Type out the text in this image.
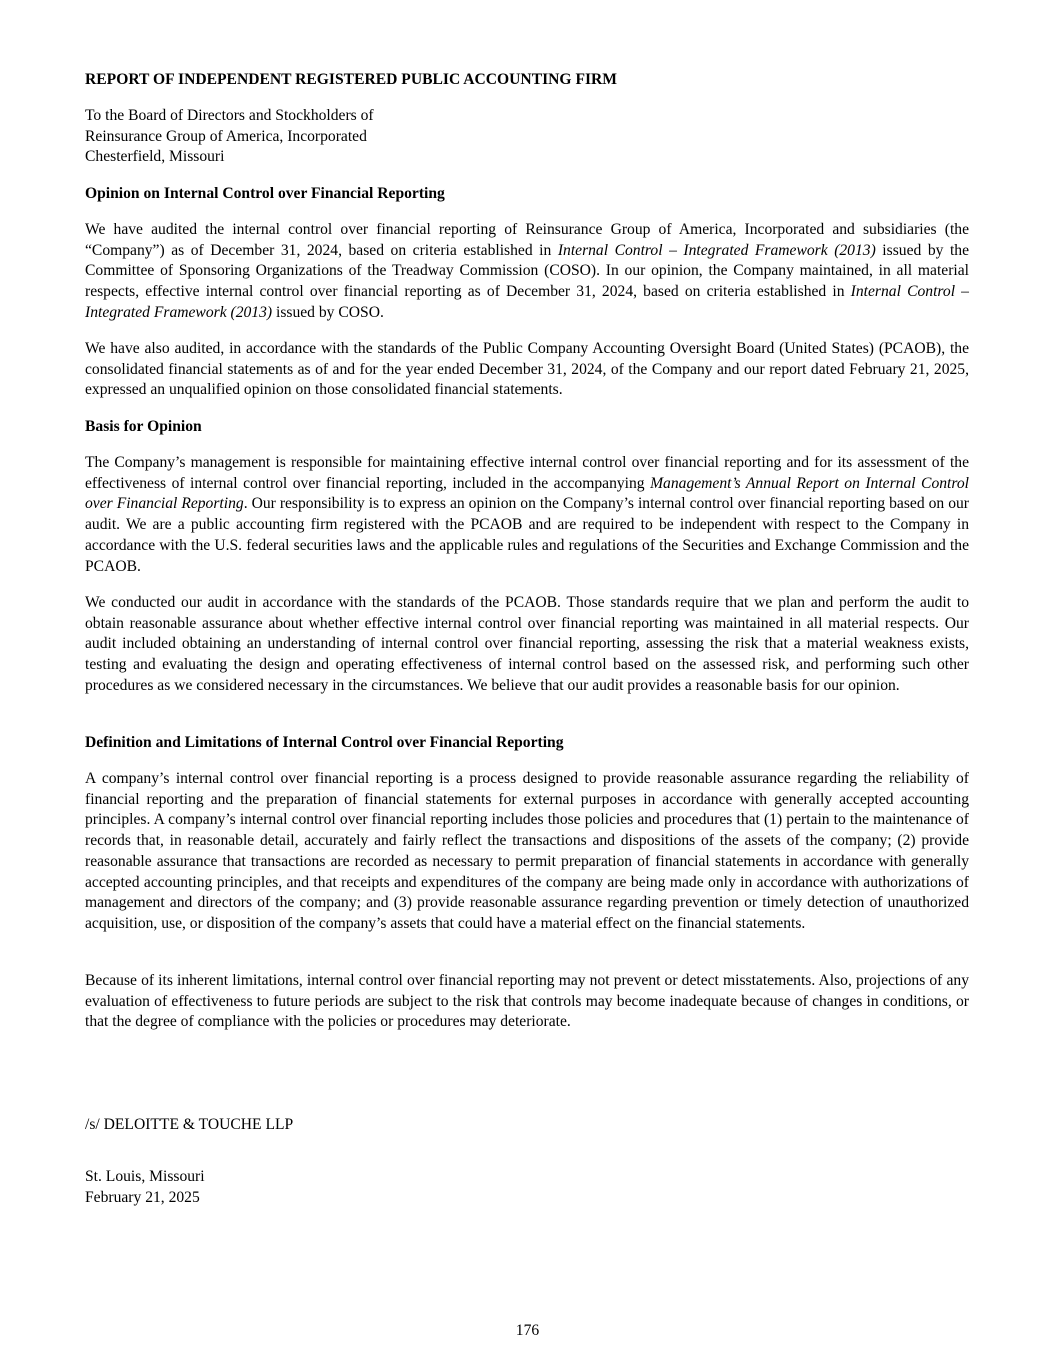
REPORT OF INDEPENDENT REGISTERED PUBLIC ACCOUNTING FIRM
To the Board of Directors and Stockholders of
Reinsurance Group of America, Incorporated
Chesterfield, Missouri
Opinion on Internal Control over Financial Reporting
We have audited the internal control over financial reporting of Reinsurance Group of America, Incorporated and subsidiaries (the “Company”) as of December 31, 2024, based on criteria established in Internal Control – Integrated Framework (2013) issued by the Committee of Sponsoring Organizations of the Treadway Commission (COSO). In our opinion, the Company maintained, in all material respects, effective internal control over financial reporting as of December 31, 2024, based on criteria established in Internal Control – Integrated Framework (2013) issued by COSO.
We have also audited, in accordance with the standards of the Public Company Accounting Oversight Board (United States) (PCAOB), the consolidated financial statements as of and for the year ended December 31, 2024, of the Company and our report dated February 21, 2025, expressed an unqualified opinion on those consolidated financial statements.
Basis for Opinion
The Company’s management is responsible for maintaining effective internal control over financial reporting and for its assessment of the effectiveness of internal control over financial reporting, included in the accompanying Management’s Annual Report on Internal Control over Financial Reporting. Our responsibility is to express an opinion on the Company’s internal control over financial reporting based on our audit. We are a public accounting firm registered with the PCAOB and are required to be independent with respect to the Company in accordance with the U.S. federal securities laws and the applicable rules and regulations of the Securities and Exchange Commission and the PCAOB.
We conducted our audit in accordance with the standards of the PCAOB. Those standards require that we plan and perform the audit to obtain reasonable assurance about whether effective internal control over financial reporting was maintained in all material respects. Our audit included obtaining an understanding of internal control over financial reporting, assessing the risk that a material weakness exists, testing and evaluating the design and operating effectiveness of internal control based on the assessed risk, and performing such other procedures as we considered necessary in the circumstances. We believe that our audit provides a reasonable basis for our opinion.
Definition and Limitations of Internal Control over Financial Reporting
A company’s internal control over financial reporting is a process designed to provide reasonable assurance regarding the reliability of financial reporting and the preparation of financial statements for external purposes in accordance with generally accepted accounting principles. A company’s internal control over financial reporting includes those policies and procedures that (1) pertain to the maintenance of records that, in reasonable detail, accurately and fairly reflect the transactions and dispositions of the assets of the company; (2) provide reasonable assurance that transactions are recorded as necessary to permit preparation of financial statements in accordance with generally accepted accounting principles, and that receipts and expenditures of the company are being made only in accordance with authorizations of management and directors of the company; and (3) provide reasonable assurance regarding prevention or timely detection of unauthorized acquisition, use, or disposition of the company’s assets that could have a material effect on the financial statements.
Because of its inherent limitations, internal control over financial reporting may not prevent or detect misstatements. Also, projections of any evaluation of effectiveness to future periods are subject to the risk that controls may become inadequate because of changes in conditions, or that the degree of compliance with the policies or procedures may deteriorate.
/s/ DELOITTE & TOUCHE LLP
St. Louis, Missouri
February 21, 2025
176
